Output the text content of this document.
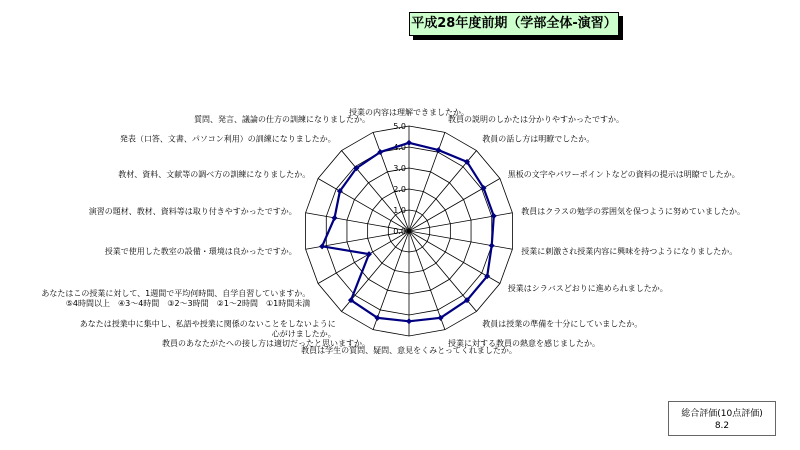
平成28年度前期（学部全体-演習）
0.0
1.0
2.0
3.0
4.0
5.0
授業の内容は理解できましたか。
教員の説明のしかたは分かりやすかったですか。
教員の話し方は明瞭でしたか。
黒板の文字やパワーポイントなどの資料の提示は明瞭でしたか。
教員はクラスの勉学の雰囲気を保つように努めていましたか。
授業に刺激され授業内容に興味を持つようになりましたか。
授業はシラバスどおりに進められましたか。
教員は授業の準備を十分にしていましたか。
授業に対する教員の熱意を感じましたか。
教員は学生の質問、疑問、意見をくみとってくれましたか。
教員のあなたがたへの接し方は適切だったと思いますか。
あなたは授業中に集中し、私語や授業に関係のないことをしないように
心がけましたか。
あなたはこの授業に対して、1週間で平均何時間、自学自習していますか。
⑤4時間以上　④3～4時間　③2～3時間　②1～2時間　①1時間未満
授業で使用した教室の設備・環境は良かったですか。
演習の題材、教材、資料等は取り付きやすかったですか。
教材、資料、文献等の調べ方の訓練になりましたか。
発表（口答、文書、パソコン利用）の訓練になりましたか。
質問、発言、議論の仕方の訓練になりましたか。
総合評価(10点評価)
8.2
